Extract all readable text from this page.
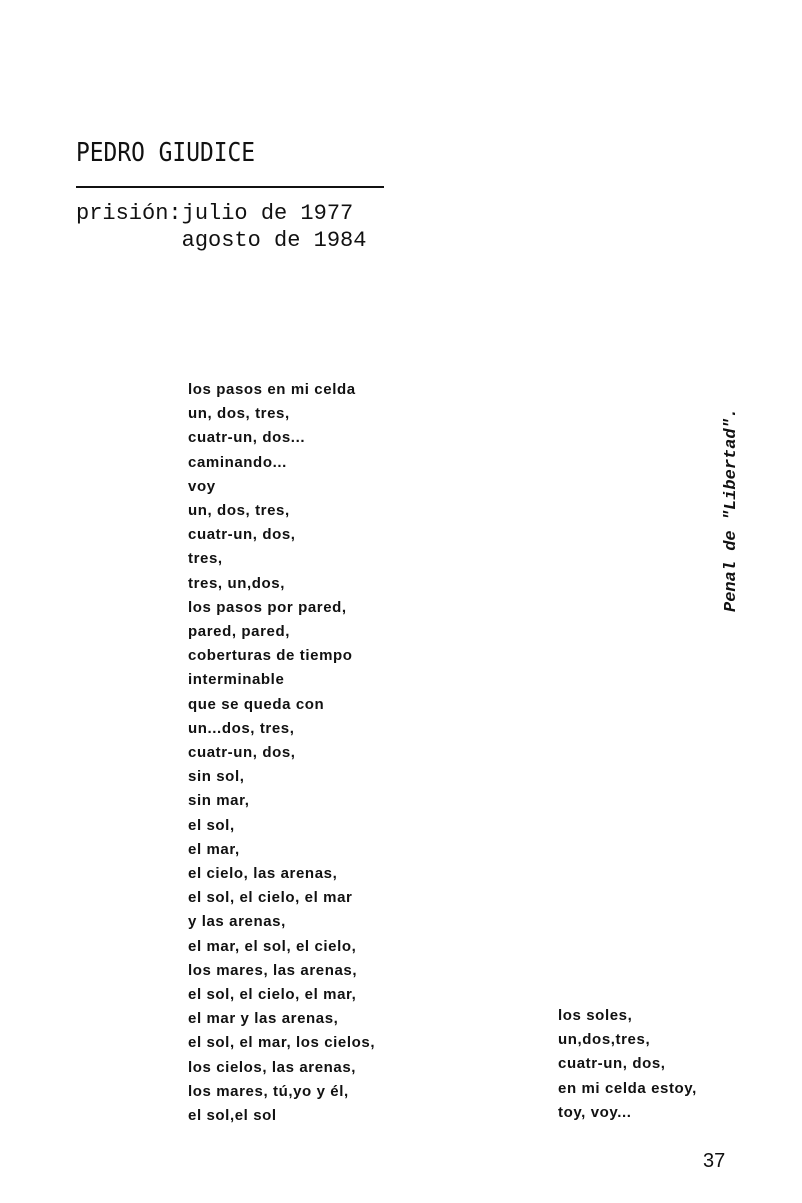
PEDRO GIUDICE
prisión:julio de 1977
agosto de 1984
los pasos en mi celda
un, dos, tres,
cuatr-un, dos...
caminando...
voy
un, dos, tres,
cuatr-un, dos,
tres,
tres, un,dos,
los pasos por pared,
pared, pared,
coberturas de tiempo
interminable
que se queda con
un...dos, tres,
cuatr-un, dos,
sin sol,
sin mar,
el sol,
el mar,
el cielo, las arenas,
el sol, el cielo, el mar
y las arenas,
el mar, el sol, el cielo,
los mares, las arenas,
el sol, el cielo, el mar,
el mar y las arenas,
el sol, el mar, los cielos,
los cielos, las arenas,
los mares, tú,yo y él,
el sol,el sol
los soles,
un,dos,tres,
cuatr-un, dos,
en mi celda estoy,
toy, voy...
Penal de "Libertad".
37
